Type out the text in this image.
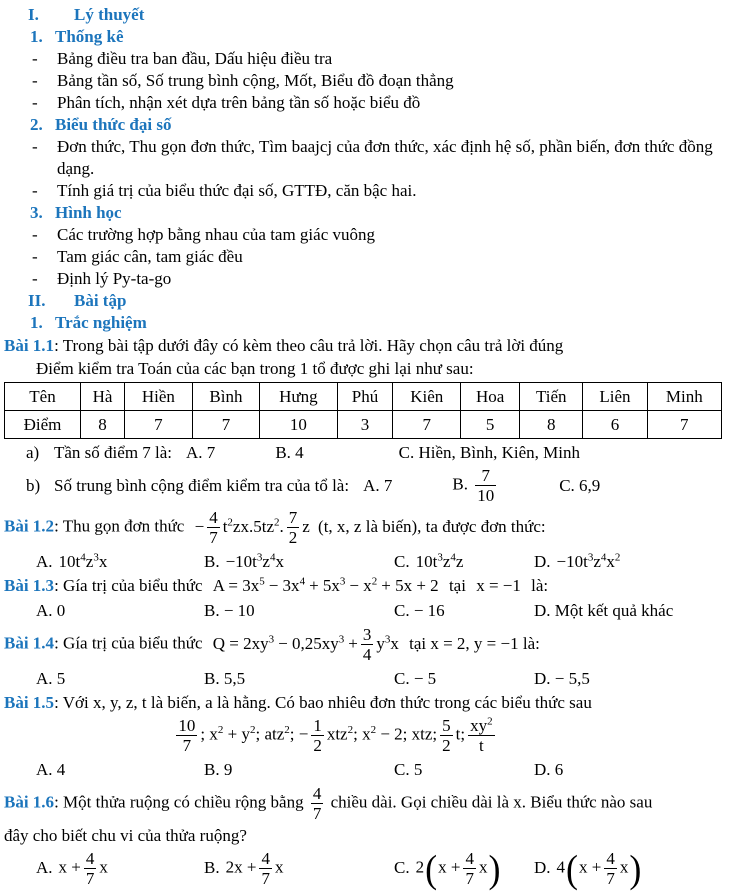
I.	Lý thuyết

1. Thống kê

-	Bảng điều tra ban đầu, Dấu hiệu điều tra

-	Bảng tần số, Số trung bình cộng, Mốt, Biểu đồ đoạn thẳng

-	Phân tích, nhận xét dựa trên bảng tần số hoặc biểu đồ

2. Biểu thức đại số

-	Đơn thức, Thu gọn đơn thức, Tìm baajcj của đơn thức, xác định hệ số, phần biến, đơn thức đồng dạng.

-	Tính giá trị của biểu thức đại số, GTTĐ, căn bậc hai.

3. Hình học

-	Các trường hợp bằng nhau của tam giác vuông

-	Tam giác cân, tam giác đều

-	Định lý Py-ta-go

II.	Bài tập

1. Trắc nghiệm

Bài 1.1: Trong bài tập dưới đây có kèm theo câu trả lời. Hãy chọn câu trả lời đúng

Điểm kiểm tra Toán của các bạn trong 1 tổ được ghi lại như sau:

Tên	Hà	Hiền	Bình	Hưng	Phú	Kiên	Hoa	Tiến	Liên	Minh
Điểm	8	7	7	10	3	7	5	8	6	7

a) Tần số điểm 7 là: A. 7	B. 4	C. Hiền, Bình, Kiên, Minh

b) Số trung bình cộng điểm kiểm tra của tổ là: A. 7	B. $\frac{7}{10}$	C. 6,9

Bài 1.2: Thu gọn đơn thức − $\frac{4}{7} t^2zx.5tz^2$. $\frac{7}{2}$ z (t, x, z là biến), ta được đơn thức:

A. $10t^4z^3x$	B. $-10t^3z^4x$	C. $10t^3z^4z$	D. $-10t^3z^4x^2$

Bài 1.3: Gía trị của biểu thức $A = 3x^5 - 3x^4 + 5x^3 - x^2 + 5x + 2$ tại x = −1 là:

A. 0	B. − 10	C. − 16	D. Một kết quả khác

Bài 1.4: Gía trị của biểu thức $Q = 2xy^3 - 0,25xy^3 + \frac{3}{4} y^3x$ tại x = 2, y = −1 là:

A. 5	B. 5,5	C. − 5	D. − 5,5

Bài 1.5: Với x, y, z, t là biến, a là hằng. Có bao nhiêu đơn thức trong các biểu thức sau

$\frac{10}{7}$ ; $x^2 + y^2$; atz$^2$; − $\frac{1}{2} xtz^2$; $x^2 - 2$; xtz; $\frac{5}{2} t$; $\frac{xy^2}{t}$

A. 4	B. 9	C. 5	D. 6

Bài 1.6: Một thửa ruộng có chiều rộng bằng $\frac{4}{7}$ chiều dài. Gọi chiều dài là x. Biểu thức nào sau

đây cho biết chu vi của thửa ruộng?

A. $x + \frac{4}{7}$ x	B. $2x + \frac{4}{7}$ x	C. $2(x + \frac{4}{7} x)$	D. $4(x + \frac{4}{7} x)$
